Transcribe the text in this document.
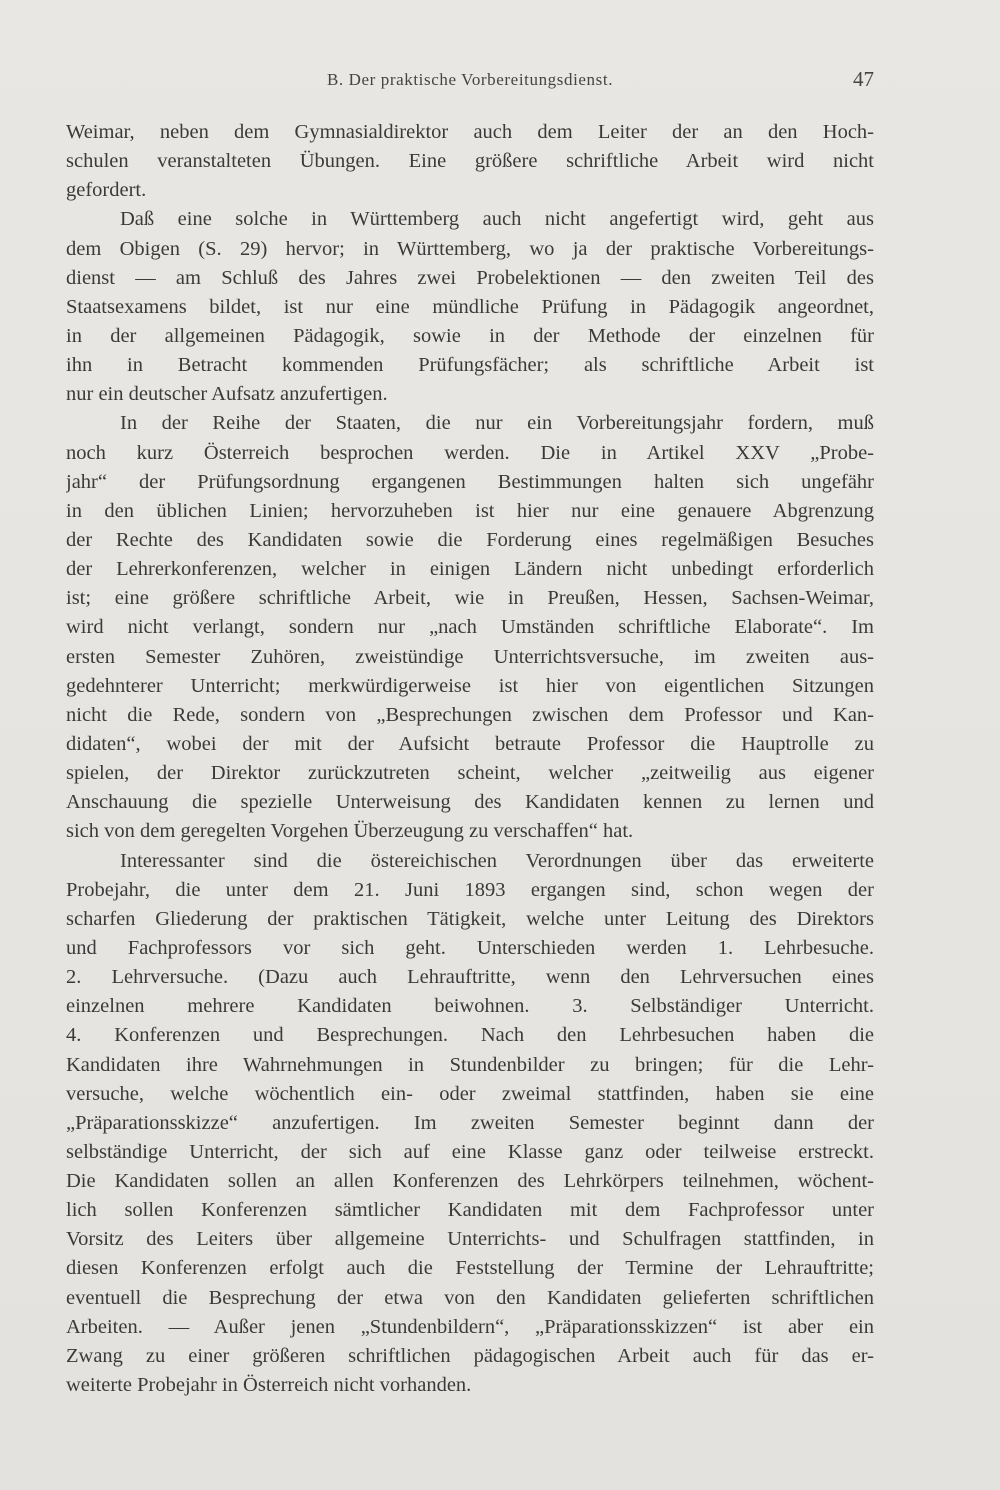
B. Der praktische Vorbereitungsdienst.	47
Weimar, neben dem Gymnasialdirektor auch dem Leiter der an den Hoch-
schulen veranstalteten Übungen. Eine größere schriftliche Arbeit wird nicht
gefordert.
Daß eine solche in Württemberg auch nicht angefertigt wird, geht aus
dem Obigen (S. 29) hervor; in Württemberg, wo ja der praktische Vorbereitungs-
dienst — am Schluß des Jahres zwei Probelektionen — den zweiten Teil des
Staatsexamens bildet, ist nur eine mündliche Prüfung in Pädagogik angeordnet,
in der allgemeinen Pädagogik, sowie in der Methode der einzelnen für
ihn in Betracht kommenden Prüfungsfächer; als schriftliche Arbeit ist
nur ein deutscher Aufsatz anzufertigen.
In der Reihe der Staaten, die nur ein Vorbereitungsjahr fordern, muß
noch kurz Österreich besprochen werden. Die in Artikel XXV „Probe-
jahr“ der Prüfungsordnung ergangenen Bestimmungen halten sich ungefähr
in den üblichen Linien; hervorzuheben ist hier nur eine genauere Abgrenzung
der Rechte des Kandidaten sowie die Forderung eines regelmäßigen Besuches
der Lehrerkonferenzen, welcher in einigen Ländern nicht unbedingt erforderlich
ist; eine größere schriftliche Arbeit, wie in Preußen, Hessen, Sachsen-Weimar,
wird nicht verlangt, sondern nur „nach Umständen schriftliche Elaborate“. Im
ersten Semester Zuhören, zweistündige Unterrichtsversuche, im zweiten aus-
gedehnterer Unterricht; merkwürdigerweise ist hier von eigentlichen Sitzungen
nicht die Rede, sondern von „Besprechungen zwischen dem Professor und Kan-
didaten“, wobei der mit der Aufsicht betraute Professor die Hauptrolle zu
spielen, der Direktor zurückzutreten scheint, welcher „zeitweilig aus eigener
Anschauung die spezielle Unterweisung des Kandidaten kennen zu lernen und
sich von dem geregelten Vorgehen Überzeugung zu verschaffen“ hat.
Interessanter sind die östereichischen Verordnungen über das erweiterte
Probejahr, die unter dem 21. Juni 1893 ergangen sind, schon wegen der
scharfen Gliederung der praktischen Tätigkeit, welche unter Leitung des Direktors
und Fachprofessors vor sich geht. Unterschieden werden 1. Lehrbesuche.
2. Lehrversuche. (Dazu auch Lehrauftritte, wenn den Lehrversuchen eines
einzelnen mehrere Kandidaten beiwohnen. 3. Selbständiger Unterricht.
4. Konferenzen und Besprechungen. Nach den Lehrbesuchen haben die
Kandidaten ihre Wahrnehmungen in Stundenbilder zu bringen; für die Lehr-
versuche, welche wöchentlich ein- oder zweimal stattfinden, haben sie eine
„Präparationsskizze“ anzufertigen. Im zweiten Semester beginnt dann der
selbständige Unterricht, der sich auf eine Klasse ganz oder teilweise erstreckt.
Die Kandidaten sollen an allen Konferenzen des Lehrkörpers teilnehmen, wöchent-
lich sollen Konferenzen sämtlicher Kandidaten mit dem Fachprofessor unter
Vorsitz des Leiters über allgemeine Unterrichts- und Schulfragen stattfinden, in
diesen Konferenzen erfolgt auch die Feststellung der Termine der Lehrauftritte;
eventuell die Besprechung der etwa von den Kandidaten gelieferten schriftlichen
Arbeiten. — Außer jenen „Stundenbildern“, „Präparationsskizzen“ ist aber ein
Zwang zu einer größeren schriftlichen pädagogischen Arbeit auch für das er-
weiterte Probejahr in Österreich nicht vorhanden.
